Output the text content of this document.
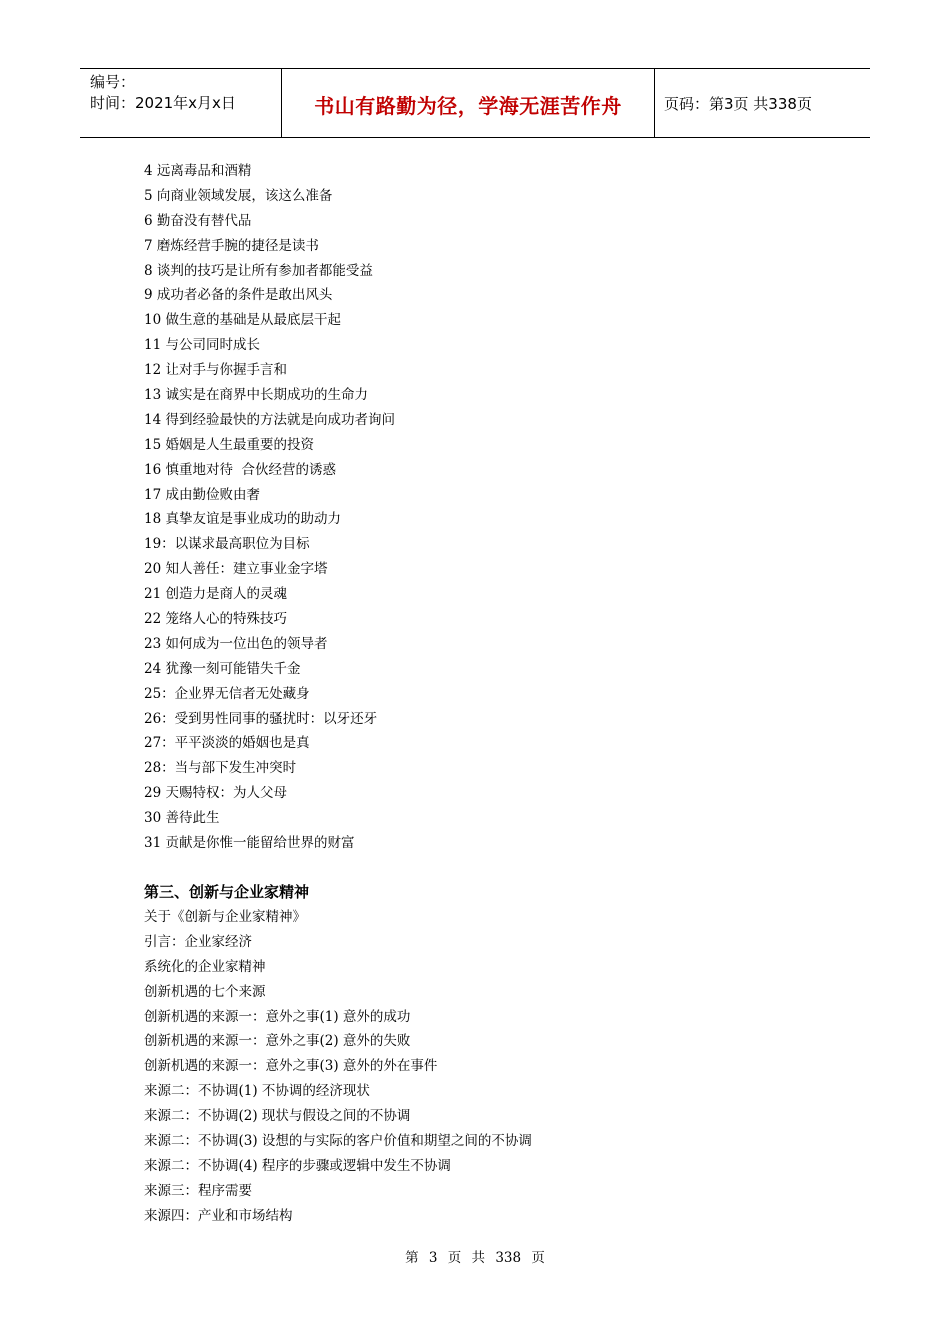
编号：
时间：2021年x月x日	书山有路勤为径，学海无涯苦作舟	页码：第3页 共338页
4 远离毒品和酒精
5 向商业领域发展，该这么准备
6 勤奋没有替代品
7 磨炼经营手腕的捷径是读书
8 谈判的技巧是让所有参加者都能受益
9 成功者必备的条件是敢出风头
10 做生意的基础是从最底层干起
11 与公司同时成长
12 让对手与你握手言和
13 诚实是在商界中长期成功的生命力
14 得到经验最快的方法就是向成功者询问
15 婚姻是人生最重要的投资
16 慎重地对待  合伙经营的诱惑
17 成由勤俭败由奢
18 真挚友谊是事业成功的助动力
19：以谋求最高职位为目标
20 知人善任：建立事业金字塔
21 创造力是商人的灵魂
22 笼络人心的特殊技巧
23 如何成为一位出色的领导者
24 犹豫一刻可能错失千金
25：企业界无信者无处藏身
26：受到男性同事的骚扰时：以牙还牙
27：平平淡淡的婚姻也是真
28：当与部下发生冲突时
29 天赐特权：为人父母
30 善待此生
31 贡献是你惟一能留给世界的财富
第三、创新与企业家精神
关于《创新与企业家精神》
引言：企业家经济
系统化的企业家精神
创新机遇的七个来源
创新机遇的来源一：意外之事(1) 意外的成功
创新机遇的来源一：意外之事(2) 意外的失败
创新机遇的来源一：意外之事(3) 意外的外在事件
来源二：不协调(1) 不协调的经济现状
来源二：不协调(2) 现状与假设之间的不协调
来源二：不协调(3) 设想的与实际的客户价值和期望之间的不协调
来源二：不协调(4) 程序的步骤或逻辑中发生不协调
来源三：程序需要
来源四：产业和市场结构
第 3 页 共 338 页
